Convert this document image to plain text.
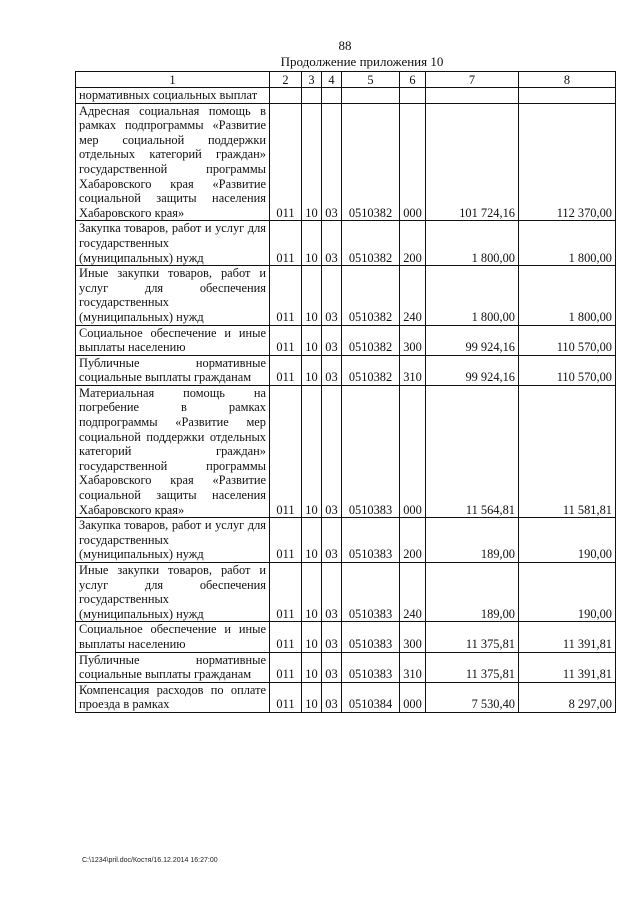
88
Продолжение приложения 10
1	2	3	4	5	6	7	8
нормативных социальных выплат							
Адресная социальная помощь в рамках подпрограммы «Развитие мер социальной поддержки отдельных категорий граждан» государственной программы Хабаровского края «Развитие социальной защиты населения Хабаровского края»	011	10	03	0510382	000	101 724,16	112 370,00
Закупка товаров, работ и услуг для государственных (муниципальных) нужд	011	10	03	0510382	200	1 800,00	1 800,00
Иные закупки товаров, работ и услуг для обеспечения государственных (муниципальных) нужд	011	10	03	0510382	240	1 800,00	1 800,00
Социальное обеспечение и иные выплаты населению	011	10	03	0510382	300	99 924,16	110 570,00
Публичные нормативные социальные выплаты гражданам	011	10	03	0510382	310	99 924,16	110 570,00
Материальная помощь на погребение в рамках подпрограммы «Развитие мер социальной поддержки отдельных категорий граждан» государственной программы Хабаровского края «Развитие социальной защиты населения Хабаровского края»	011	10	03	0510383	000	11 564,81	11 581,81
Закупка товаров, работ и услуг для государственных (муниципальных) нужд	011	10	03	0510383	200	189,00	190,00
Иные закупки товаров, работ и услуг для обеспечения государственных (муниципальных) нужд	011	10	03	0510383	240	189,00	190,00
Социальное обеспечение и иные выплаты населению	011	10	03	0510383	300	11 375,81	11 391,81
Публичные нормативные социальные выплаты гражданам	011	10	03	0510383	310	11 375,81	11 391,81
Компенсация расходов по оплате проезда в рамках	011	10	03	0510384	000	7 530,40	8 297,00
C:\1234\pril.doc/Костя/16.12.2014 16:27:00
